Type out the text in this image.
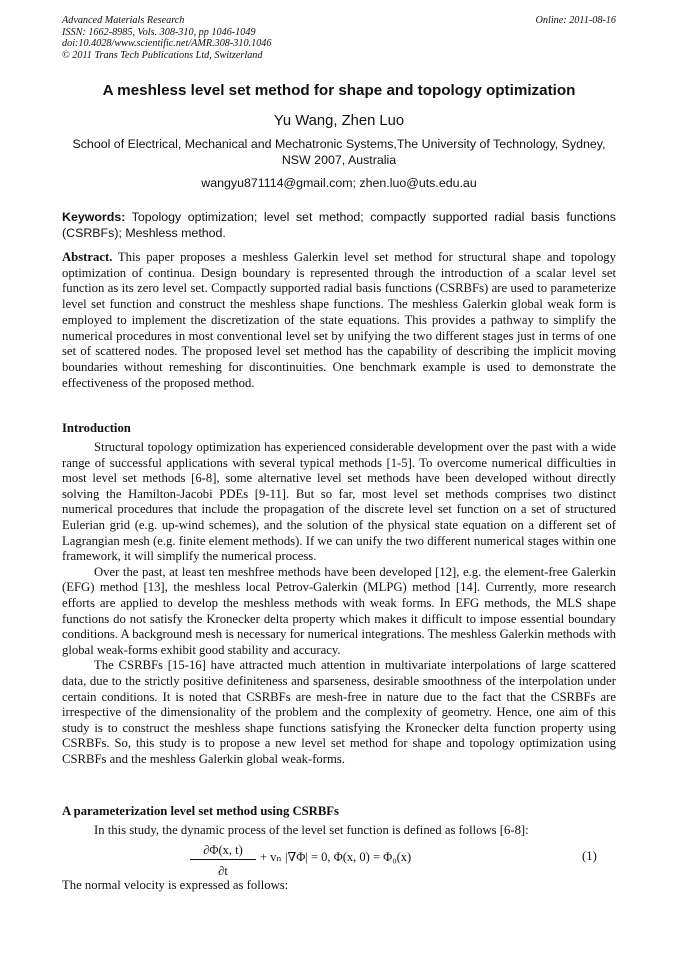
Advanced Materials Research
ISSN: 1662-8985, Vols. 308-310, pp 1046-1049
doi:10.4028/www.scientific.net/AMR.308-310.1046
© 2011 Trans Tech Publications Ltd, Switzerland
Online: 2011-08-16
A meshless level set method for shape and topology optimization
Yu Wang, Zhen Luo
School of Electrical, Mechanical and Mechatronic Systems,The University of Technology, Sydney, NSW 2007, Australia
wangyu871114@gmail.com; zhen.luo@uts.edu.au
Keywords: Topology optimization; level set method; compactly supported radial basis functions (CSRBFs); Meshless method.
Abstract. This paper proposes a meshless Galerkin level set method for structural shape and topology optimization of continua. Design boundary is represented through the introduction of a scalar level set function as its zero level set. Compactly supported radial basis functions (CSRBFs) are used to parameterize level set function and construct the meshless shape functions. The meshless Galerkin global weak form is employed to implement the discretization of the state equations. This provides a pathway to simplify the numerical procedures in most conventional level set by unifying the two different stages just in terms of one set of scattered nodes. The proposed level set method has the capability of describing the implicit moving boundaries without remeshing for discontinuities. One benchmark example is used to demonstrate the effectiveness of the proposed method.
Introduction

Structural topology optimization has experienced considerable development over the past with a wide range of successful applications with several typical methods [1-5]. To overcome numerical difficulties in most level set methods [6-8], some alternative level set methods have been developed without directly solving the Hamilton-Jacobi PDEs [9-11]. But so far, most level set methods comprises two distinct numerical procedures that include the propagation of the discrete level set function on a set of structured Eulerian grid (e.g. up-wind schemes), and the solution of the physical state equation on a different set of Lagrangian mesh (e.g. finite element methods). If we can unify the two different numerical stages within one framework, it will simplify the numerical process.

Over the past, at least ten meshfree methods have been developed [12], e.g. the element-free Galerkin (EFG) method [13], the meshless local Petrov-Galerkin (MLPG) method [14]. Currently, more research efforts are applied to develop the meshless methods with weak forms. In EFG methods, the MLS shape functions do not satisfy the Kronecker delta property which makes it difficult to impose essential boundary conditions. A background mesh is necessary for numerical integrations. The meshless Galerkin methods with global weak-forms exhibit good stability and accuracy.

The CSRBFs [15-16] have attracted much attention in multivariate interpolations of large scattered data, due to the strictly positive definiteness and sparseness, desirable smoothness of the interpolation under certain conditions. It is noted that CSRBFs are mesh-free in nature due to the fact that the CSRBFs are irrespective of the dimensionality of the problem and the complexity of geometry. Hence, one aim of this study is to construct the meshless shape functions satisfying the Kronecker delta function property using CSRBFs. So, this study is to propose a new level set method for shape and topology optimization using CSRBFs and the meshless Galerkin global weak-forms.

A parameterization level set method using CSRBFs
In this study, the dynamic process of the level set function is defined as follows [6-8]:
$\frac{\partial\Phi(x, t)}{\partial t} + v_n$ |∇Φ| = 0, Φ(x, 0) = Φ₀(x)	(1)
The normal velocity is expressed as follows:
